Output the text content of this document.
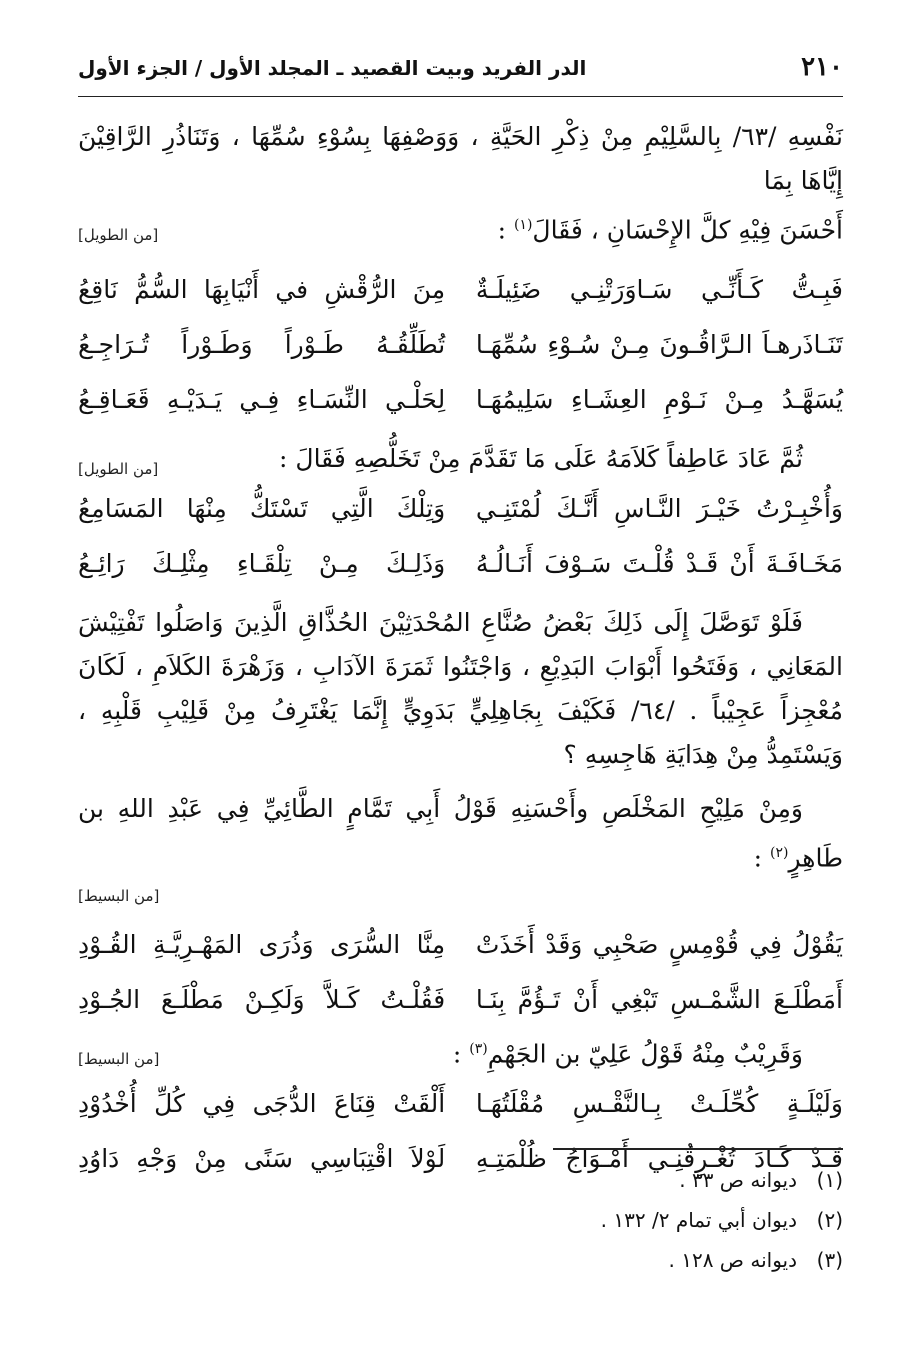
٢١٠
الدر الفريد وبيت القصيد ـ المجلد الأول / الجزء الأول

نَفْسِهِ /٦٣/ بِالسَّلِيْمِ مِنْ ذِكْرِ الحَيَّةِ ، وَوَصْفِهَا بِسُوْءِ سُمِّهَا ، وَتَنَاذُرِ الرَّاقِيْنَ إِيَّاهَا بِمَا

أَحْسَنَ فِيْهِ كلَّ الإِحْسَانِ ، فَقَالَ$^{(١)}$ :
[من الطويل]
فَبِـتُّ كَـأَنِّـي سَـاوَرَتْنِـي ضَئِيلَـةٌ
مِنَ الرُّقْشِ في أَنْيَابِهَا السُّمُّ نَاقِعُ
تَنَـاذَرهـاَ الـرَّاقُـونَ مِـنْ سُـوْءِ سُمِّهَـا
تُطَلِّقُـهُ طَـوْراً وَطَـوْراً تُـرَاجِـعُ
يُسَهَّـدُ مِـنْ نَـوْمِ العِشَـاءِ سَلِيمُهَـا
لِحَلْـي النِّسَـاءِ فِـي يَـدَيْـهِ قَعَـاقِـعُ
ثُمَّ عَادَ عَاطِفاً كَلاَمَهُ عَلَى مَا تَقَدَّمَ مِنْ تَخَلُّصِهِ فَقَالَ :
[من الطويل]
وَأُخْبِـرْتُ خَيْـرَ النَّـاسِ أَنَّـكَ لُمْتَنِـي
وَتِلْكَ الَّتِي تَسْتَكُّ مِنْهَا المَسَامِعُ
مَخَـافَـةَ أَنْ قَـدْ قُلْـتَ سَـوْفَ أَنَـالُـهُ
وَذَلِـكَ مِـنْ تِلْقَـاءِ مِثْلِـكَ رَائِـعُ

فَلَوْ تَوَصَّلَ إِلَى ذَلِكَ بَعْضُ صُنَّاعِ المُحْدَثِيْنَ الحُذَّاقِ الَّذِينَ وَاصَلُوا تَفْتِيْشَ المَعَانِي ، وَفَتَحُوا أَبْوَابَ البَدِيْعِ ، وَاجْتَنُوا ثَمَرَةَ الآدَابِ ، وَزَهْرَةَ الكَلاَمِ ، لَكَانَ مُعْجِزاً عَجِيْباً . /٦٤/ فَكَيْفَ بِجَاهِلِيٍّ بَدَوِيٍّ إِنَّمَا يَغْتَرِفُ مِنْ قَلِيْبِ قَلْبِهِ ، وَيَسْتَمِدُّ مِنْ هِدَايَةِ هَاجِسِهِ ؟

وَمِنْ مَلِيْحِ المَخْلَصِ وأَحْسَنِهِ قَوْلُ أَبِي تَمَّامٍ الطَّائِيِّ فِي عَبْدِ اللهِ بن طَاهِرٍ$^{(٢)}$ :

[من البسيط]
يَقُوْلُ فِي قُوْمِسٍ صَحْبِي وَقَدْ أَخَذَتْ
مِنَّا السُّرَى وَذُرَى المَهْـرِيَّـةِ القُـوْدِ
أَمَطْلَـعَ الشَّمْـسِ تَبْغِي أَنْ تَـؤُمَّ بِنَـا
فَقُلْـتُ كَـلاَّ وَلَكِـنْ مَطْلَـعَ الجُـوْدِ
وَقَرِيْبٌ مِنْهُ قَوْلُ عَلِيّ بن الجَهْمِ$^{(٣)}$ :
[من البسيط]
وَلَيْلَـةٍ كُحِّلَـتْ بِـالنَّقْـسِ مُقْلَتُهَـا
أَلْقَتْ قِنَاعَ الدُّجَى فِي كُلِّ أُخْدُوْدِ
قَـدْ كَـادَ تُغْـرِقُنِـي أَمْـوَاجُ ظُلْمَتِـهِ
لَوْلاَ اقْتِبَاسِي سَنًى مِنْ وَجْهِ دَاوُدِ
(١)ديوانه ص ٣٣ .
(٢)ديوان أبي تمام ٢/ ١٣٢ .
(٣)ديوانه ص ١٢٨ .
